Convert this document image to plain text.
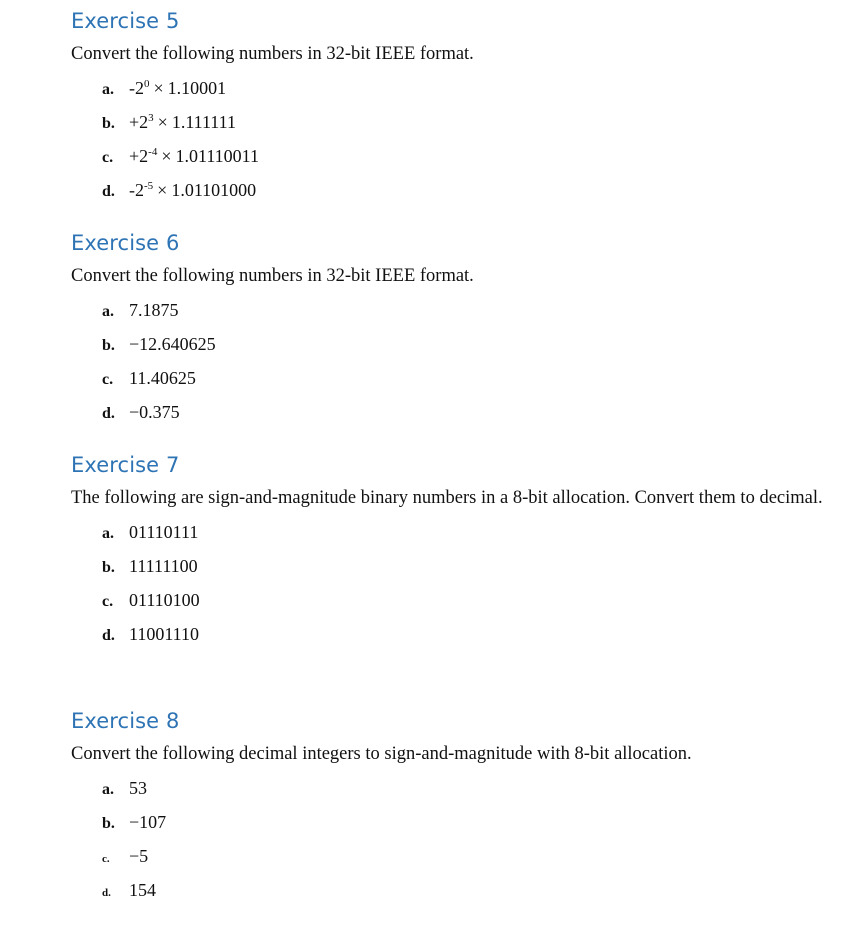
Exercise 5

Convert the following numbers in 32-bit IEEE format.

a. $-2^0 \times 1.10001$
b. $+2^3 \times 1.111111$
c. $+2^{-4} \times 1.01110011$
d. $-2^{-5} \times 1.01101000$
Exercise 6

Convert the following numbers in 32-bit IEEE format.

a. 7.1875
b. −12.640625
c. 11.40625
d. −0.375
Exercise 7

The following are sign-and-magnitude binary numbers in a 8-bit allocation. Convert them to decimal.

a. 01110111
b. 11111100
c. 01110100
d. 11001110
Exercise 8

Convert the following decimal integers to sign-and-magnitude with 8-bit allocation.

a. 53
b. −107
c. −5
d. 154
